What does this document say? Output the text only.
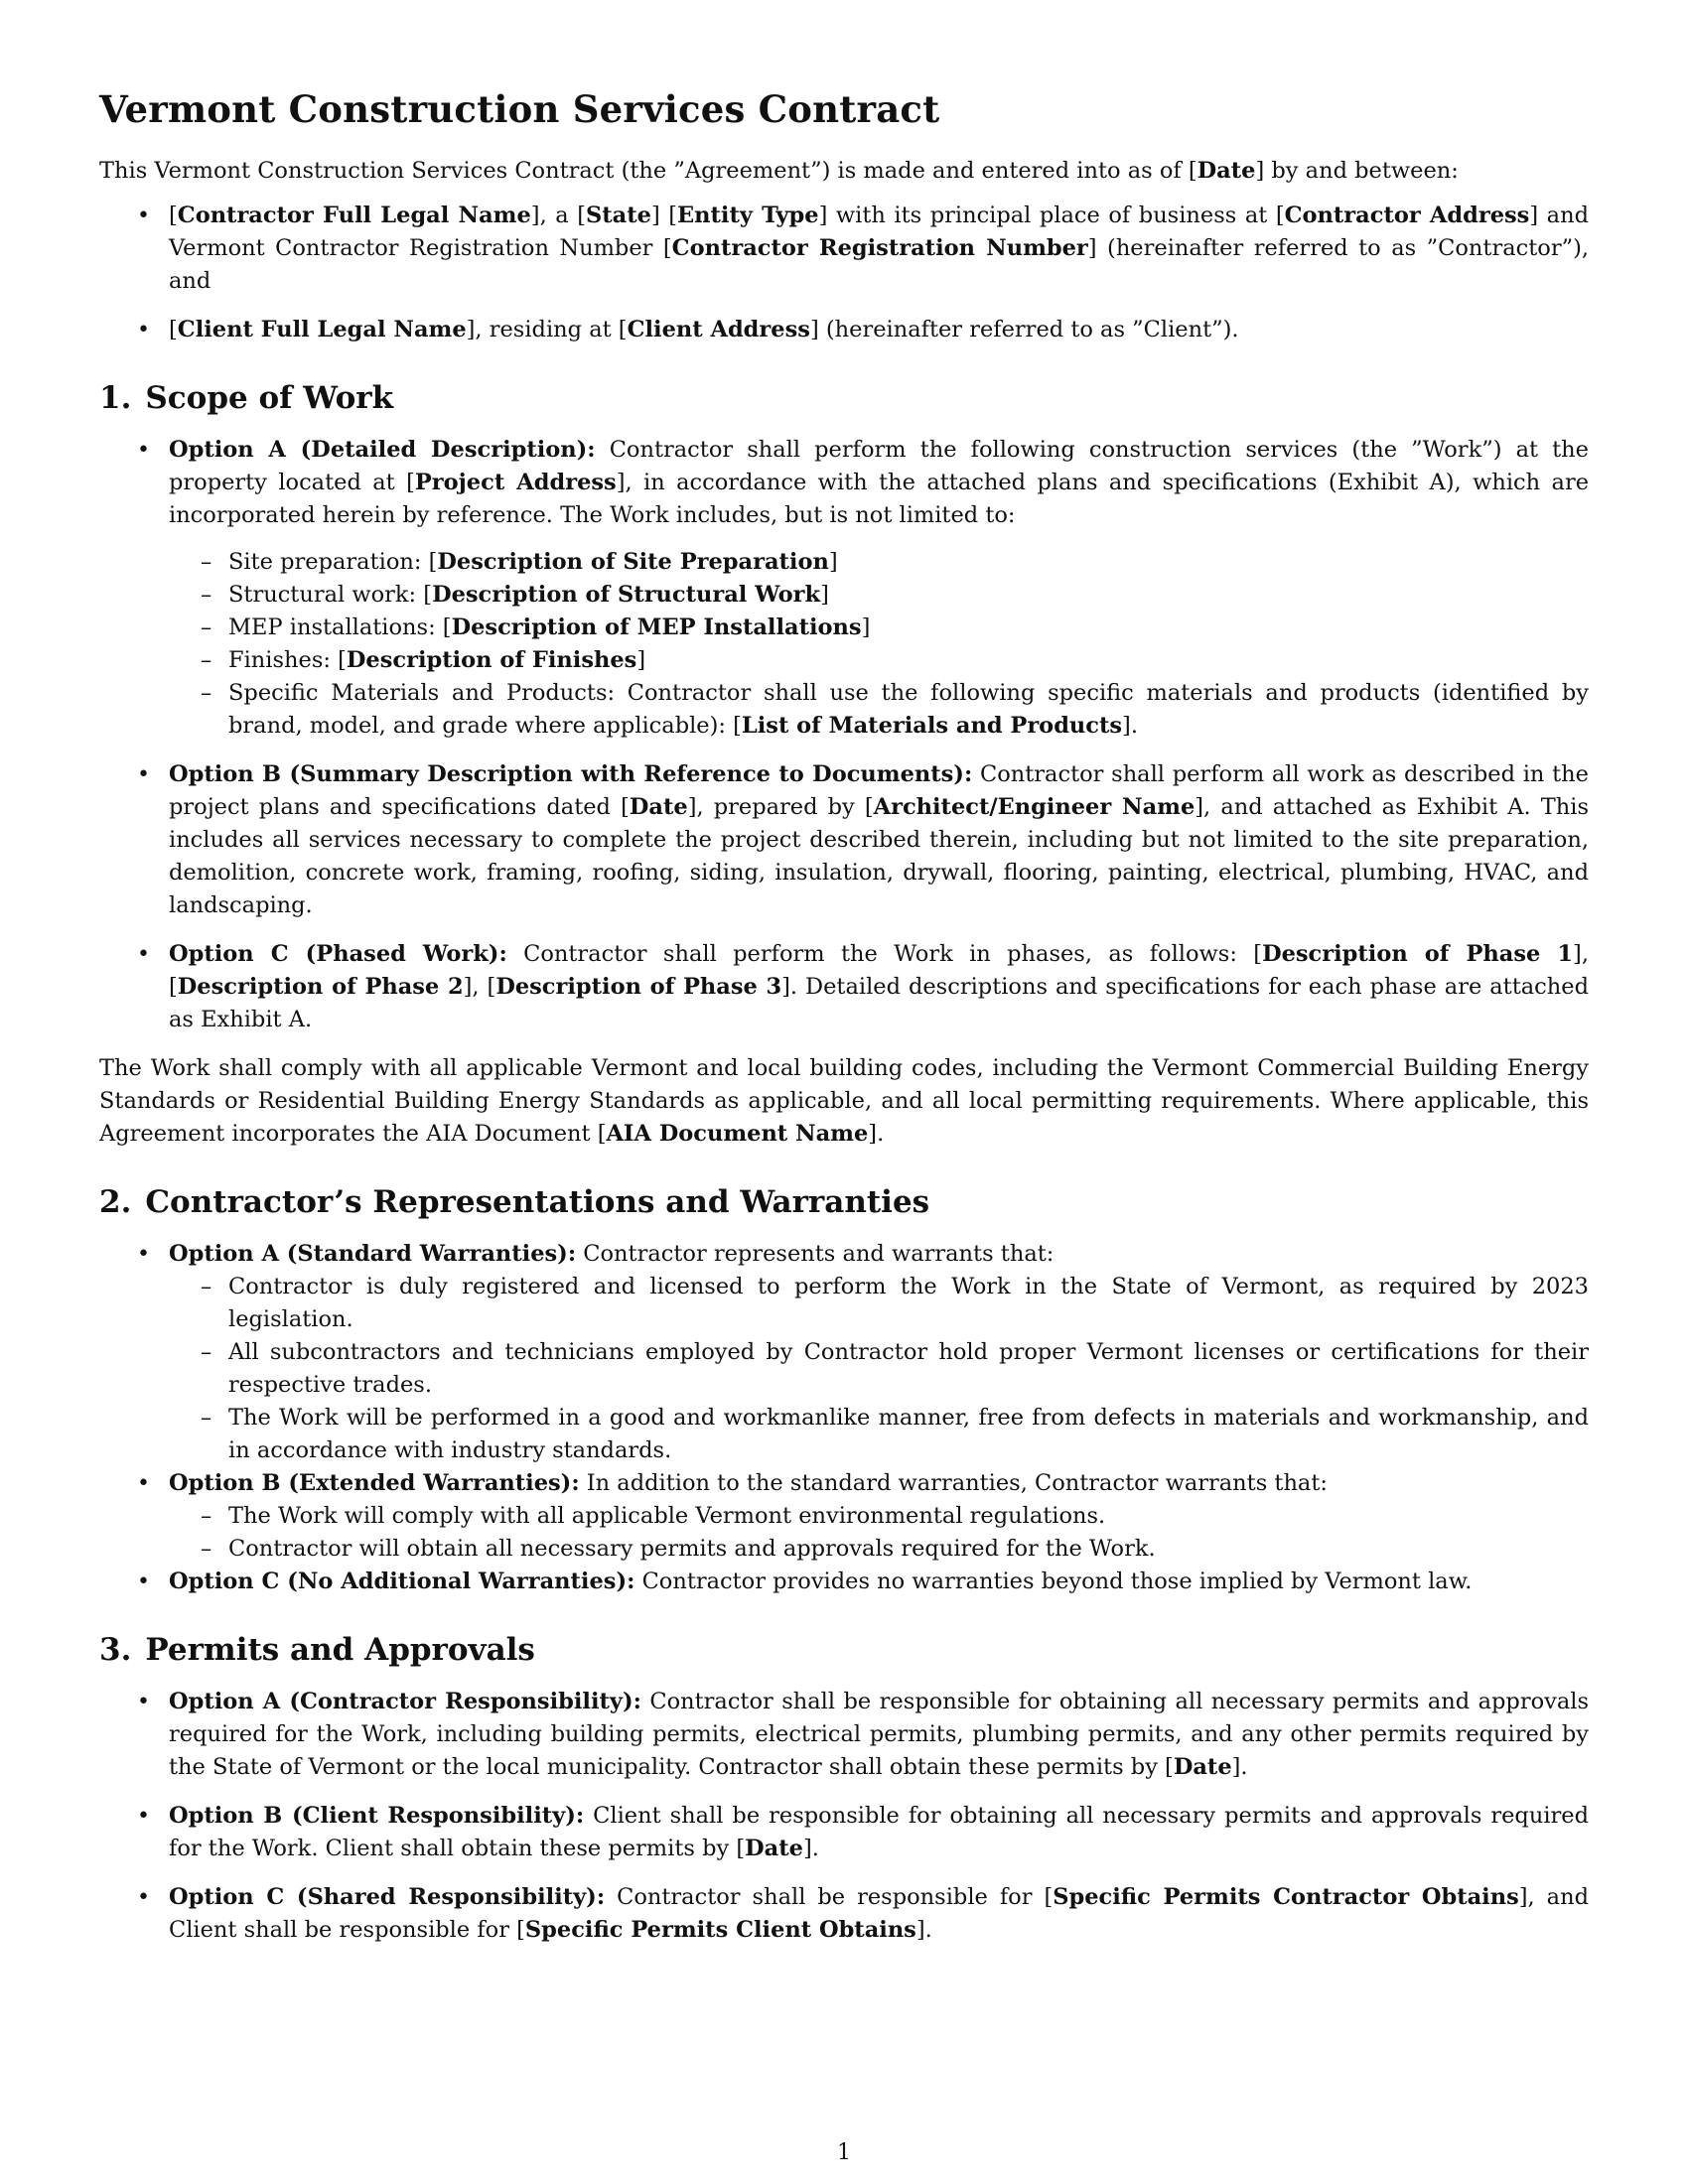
Vermont Construction Services Contract

This Vermont Construction Services Contract (the ”Agreement”) is made and entered into as of [Date] by and between:

• [Contractor Full Legal Name], a [State] [Entity Type] with its principal place of business at [Contractor Address] and Vermont Contractor Registration Number [Contractor Registration Number] (hereinafter referred to as ”Contractor”), and
• [Client Full Legal Name], residing at [Client Address] (hereinafter referred to as ”Client”).
1. Scope of Work
• Option A (Detailed Description): Contractor shall perform the following construction services (the ”Work”) at the property located at [Project Address], in accordance with the attached plans and specifications (Exhibit A), which are incorporated herein by reference. The Work includes, but is not limited to:
– Site preparation: [Description of Site Preparation]
– Structural work: [Description of Structural Work]
– MEP installations: [Description of MEP Installations]
– Finishes: [Description of Finishes]
– Specific Materials and Products: Contractor shall use the following specific materials and products (identified by brand, model, and grade where applicable): [List of Materials and Products].
• Option B (Summary Description with Reference to Documents): Contractor shall perform all work as described in the project plans and specifications dated [Date], prepared by [Architect/Engineer Name], and attached as Exhibit A. This includes all services necessary to complete the project described therein, including but not limited to the site preparation, demolition, concrete work, framing, roofing, siding, insulation, drywall, flooring, painting, electrical, plumbing, HVAC, and landscaping.
• Option C (Phased Work): Contractor shall perform the Work in phases, as follows: [Description of Phase 1], [Description of Phase 2], [Description of Phase 3]. Detailed descriptions and specifications for each phase are attached as Exhibit A.

The Work shall comply with all applicable Vermont and local building codes, including the Vermont Commercial Building Energy Standards or Residential Building Energy Standards as applicable, and all local permitting requirements. Where applicable, this Agreement incorporates the AIA Document [AIA Document Name].

2. Contractor’s Representations and Warranties
• Option A (Standard Warranties): Contractor represents and warrants that:
– Contractor is duly registered and licensed to perform the Work in the State of Vermont, as required by 2023 legislation.
– All subcontractors and technicians employed by Contractor hold proper Vermont licenses or certifications for their respective trades.
– The Work will be performed in a good and workmanlike manner, free from defects in materials and workmanship, and in accordance with industry standards.
• Option B (Extended Warranties): In addition to the standard warranties, Contractor warrants that:
– The Work will comply with all applicable Vermont environmental regulations.
– Contractor will obtain all necessary permits and approvals required for the Work.
• Option C (No Additional Warranties): Contractor provides no warranties beyond those implied by Vermont law.
3. Permits and Approvals
• Option A (Contractor Responsibility): Contractor shall be responsible for obtaining all necessary permits and approvals required for the Work, including building permits, electrical permits, plumbing permits, and any other permits required by the State of Vermont or the local municipality. Contractor shall obtain these permits by [Date].
• Option B (Client Responsibility): Client shall be responsible for obtaining all necessary permits and approvals required for the Work. Client shall obtain these permits by [Date].
• Option C (Shared Responsibility): Contractor shall be responsible for [Specific Permits Contractor Obtains], and Client shall be responsible for [Specific Permits Client Obtains].
1
